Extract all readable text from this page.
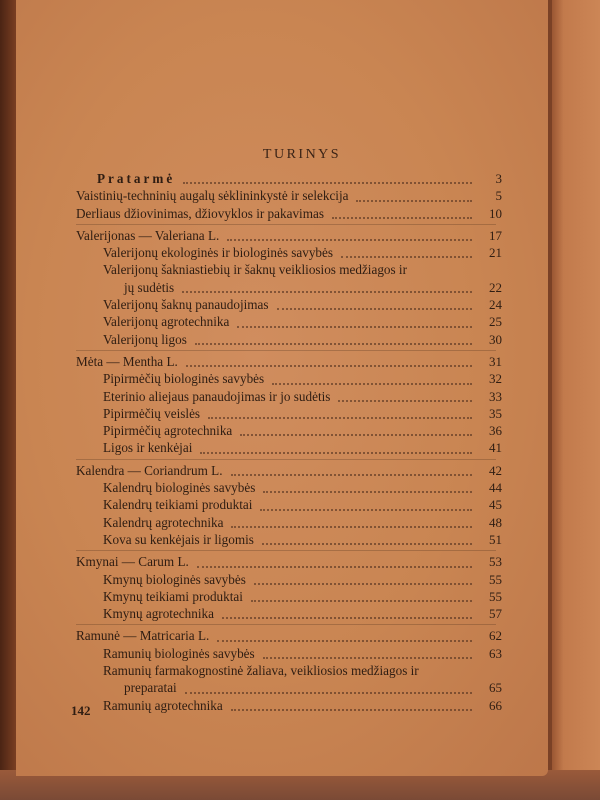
TURINYS
Pratarmė	3
Vaistinių-techninių augalų sėklininkystė ir selekcija	5
Derliaus džiovinimas, džiovyklos ir pakavimas	10
Valerijonas — Valeriana L.	17
Valerijonų ekologinės ir biologinės savybės	21
Valerijonų šakniastiebių ir šaknų veikliosios medžiagos ir
jų sudėtis	22
Valerijonų šaknų panaudojimas	24
Valerijonų agrotechnika	25
Valerijonų ligos	30
Mėta — Mentha L.	31
Pipirmėčių biologinės savybės	32
Eterinio aliejaus panaudojimas ir jo sudėtis	33
Pipirmėčių veislės	35
Pipirmėčių agrotechnika	36
Ligos ir kenkėjai	41
Kalendra — Coriandrum L.	42
Kalendrų biologinės savybės	44
Kalendrų teikiami produktai	45
Kalendrų agrotechnika	48
Kova su kenkėjais ir ligomis	51
Kmynai — Carum L.	53
Kmynų biologinės savybės	55
Kmynų teikiami produktai	55
Kmynų agrotechnika	57
Ramunė — Matricaria L.	62
Ramunių biologinės savybės	63
Ramunių farmakognostinė žaliava, veikliosios medžiagos ir
preparatai	65
Ramunių agrotechnika	66
142
